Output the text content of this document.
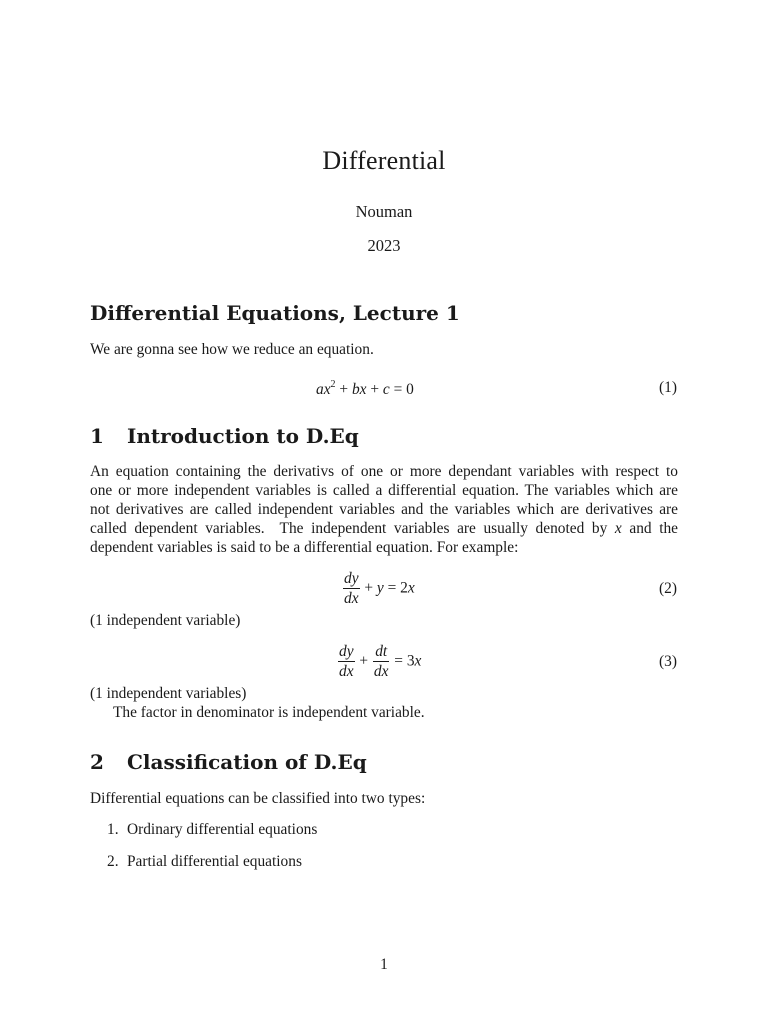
Differential
Nouman
2023
Differential Equations, Lecture 1
We are gonna see how we reduce an equation.
$ax^2$ + bx + c = 0	(1)
1 Introduction to D.Eq
An equation containing the derivativs of one or more dependant variables with respect to
one or more independent variables is called a differential equation. The variables which are
not derivatives are called independent variables and the variables which are derivatives are
called dependent variables.  The independent variables are usually denoted by x and the
dependent variables is said to be a differential equation. For example:
$\frac{dy}{dx} + y = 2x$	(2)
(1 independent variable)
$\frac{dy}{dx} + \frac{dt}{dx} = 3x$	(3)
(1 independent variables)
The factor in denominator is independent variable.
2 Classification of D.Eq
Differential equations can be classified into two types:
1. Ordinary differential equations
2. Partial differential equations
1
